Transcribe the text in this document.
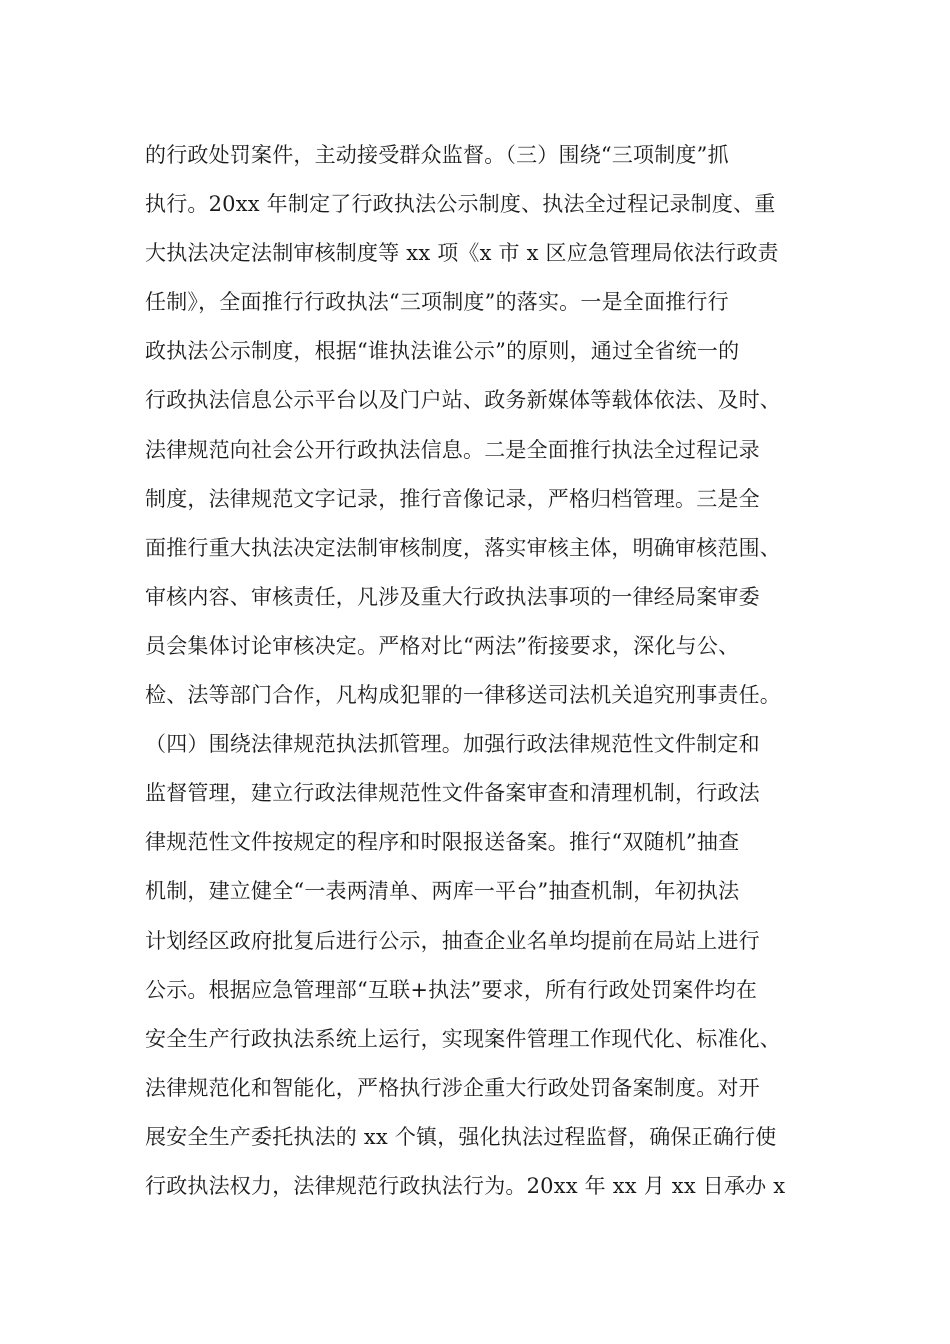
的行政处罚案件，主动接受群众监督。（三）围绕“三项制度”抓
执行。20xx 年制定了行政执法公示制度、执法全过程记录制度、重
大执法决定法制审核制度等 xx 项《x 市 x 区应急管理局依法行政责
任制》，全面推行行政执法“三项制度”的落实。一是全面推行行
政执法公示制度，根据“谁执法谁公示”的原则，通过全省统一的
行政执法信息公示平台以及门户站、政务新媒体等载体依法、及时、
法律规范向社会公开行政执法信息。二是全面推行执法全过程记录
制度，法律规范文字记录，推行音像记录，严格归档管理。三是全
面推行重大执法决定法制审核制度，落实审核主体，明确审核范围、
审核内容、审核责任，凡涉及重大行政执法事项的一律经局案审委
员会集体讨论审核决定。严格对比“两法”衔接要求，深化与公、
检、法等部门合作，凡构成犯罪的一律移送司法机关追究刑事责任。
（四）围绕法律规范执法抓管理。加强行政法律规范性文件制定和
监督管理，建立行政法律规范性文件备案审查和清理机制，行政法
律规范性文件按规定的程序和时限报送备案。推行“双随机”抽查
机制，建立健全“一表两清单、两库一平台”抽查机制，年初执法
计划经区政府批复后进行公示，抽查企业名单均提前在局站上进行
公示。根据应急管理部“互联+执法”要求，所有行政处罚案件均在
安全生产行政执法系统上运行，实现案件管理工作现代化、标准化、
法律规范化和智能化，严格执行涉企重大行政处罚备案制度。对开
展安全生产委托执法的 xx 个镇，强化执法过程监督，确保正确行使
行政执法权力，法律规范行政执法行为。20xx 年 xx 月 xx 日承办 x
